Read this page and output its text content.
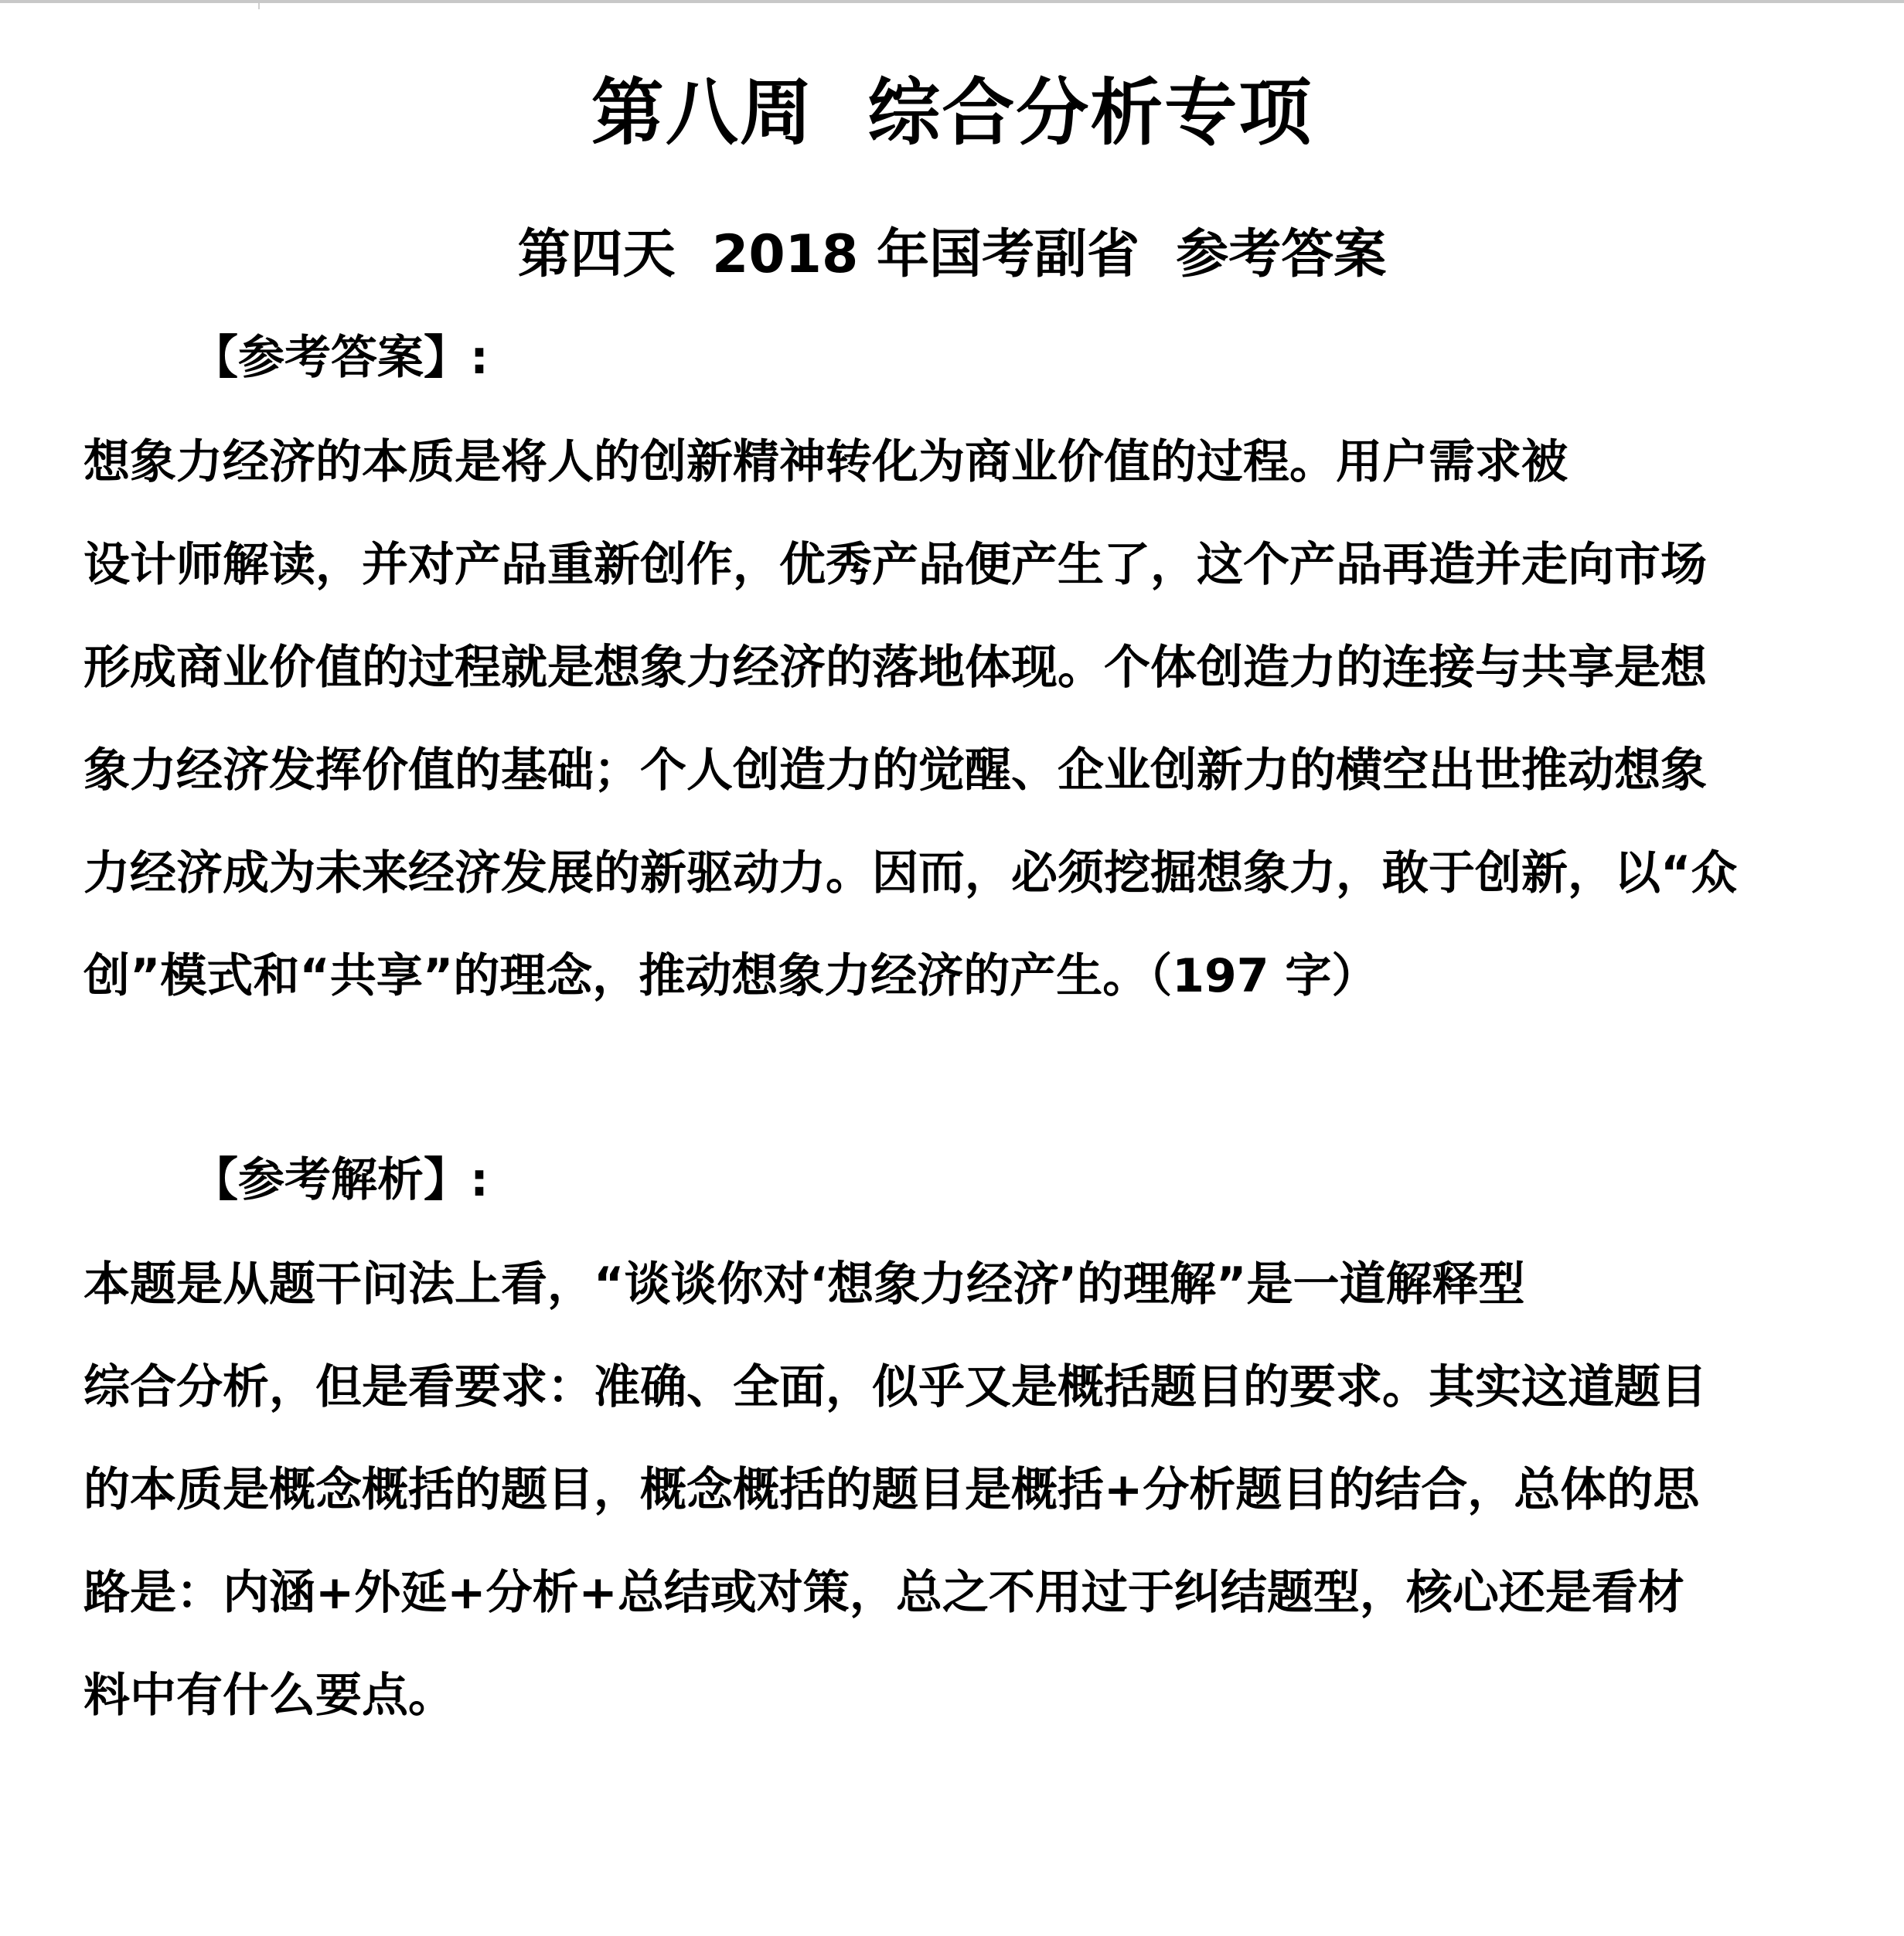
第八周  综合分析专项
第四天  2018 年国考副省  参考答案
【参考答案】:
想象力经济的本质是将人的创新精神转化为商业价值的过程。用户需求被
设计师解读，并对产品重新创作，优秀产品便产生了，这个产品再造并走向市场
形成商业价值的过程就是想象力经济的落地体现。个体创造力的连接与共享是想
象力经济发挥价值的基础；个人创造力的觉醒、企业创新力的横空出世推动想象
力经济成为未来经济发展的新驱动力。因而，必须挖掘想象力，敢于创新，以“众
创”模式和“共享”的理念，推动想象力经济的产生。（197 字）
【参考解析】:
本题是从题干问法上看，“谈谈你对‘想象力经济’的理解”是一道解释型
综合分析，但是看要求：准确、全面，似乎又是概括题目的要求。其实这道题目
的本质是概念概括的题目，概念概括的题目是概括+分析题目的结合，总体的思
路是：内涵+外延+分析+总结或对策，总之不用过于纠结题型，核心还是看材
料中有什么要点。
